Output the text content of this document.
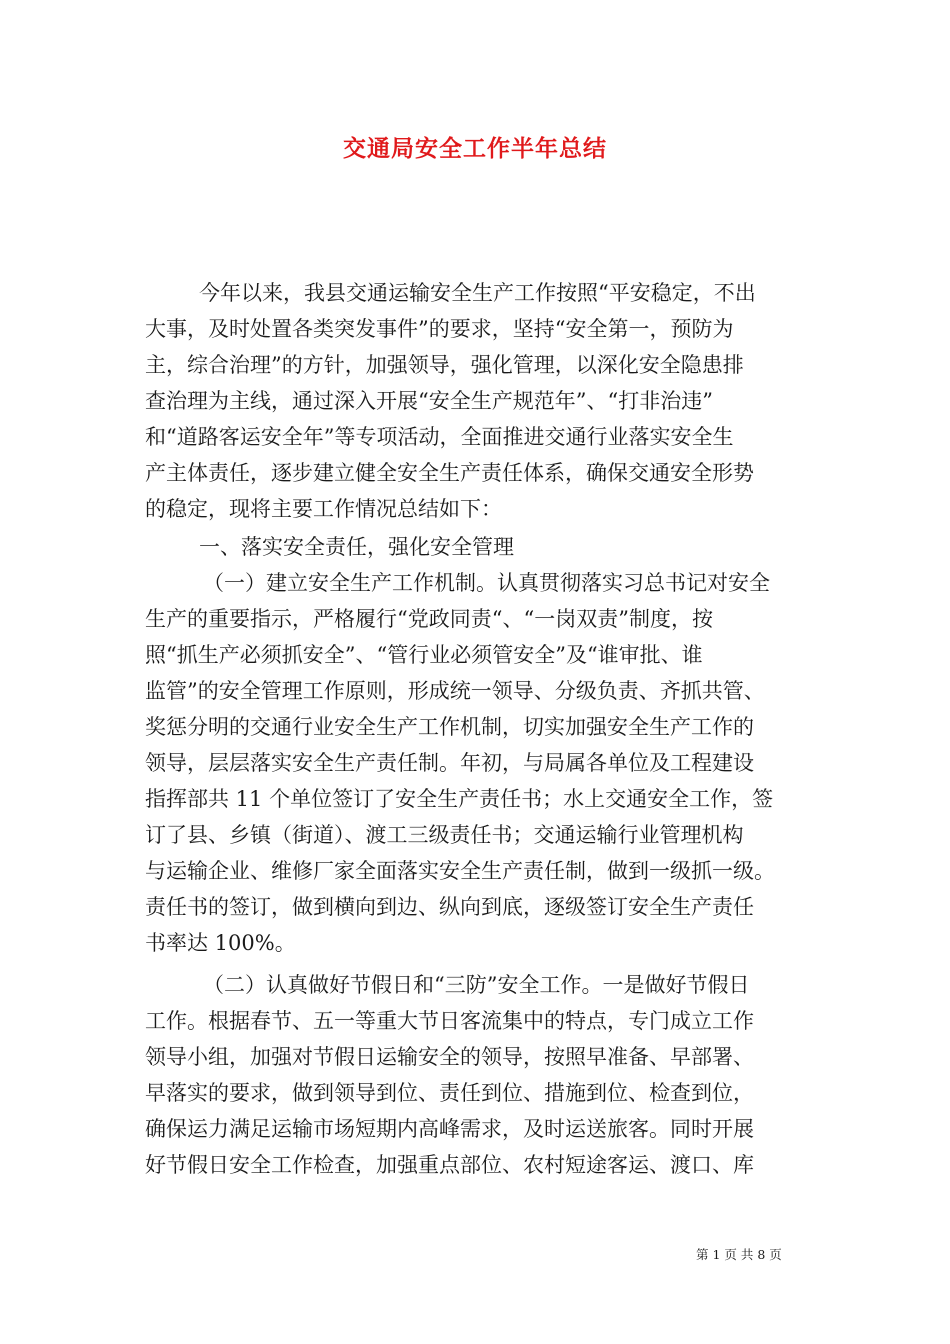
交通局安全工作半年总结

今年以来，我县交通运输安全生产工作按照“平安稳定，不出

大事，及时处置各类突发事件”的要求，坚持“安全第一，预防为

主，综合治理”的方针，加强领导，强化管理，以深化安全隐患排

查治理为主线，通过深入开展“安全生产规范年”、“打非治违”

和“道路客运安全年”等专项活动，全面推进交通行业落实安全生

产主体责任，逐步建立健全安全生产责任体系，确保交通安全形势

的稳定，现将主要工作情况总结如下：

一、落实安全责任，强化安全管理

（一）建立安全生产工作机制。认真贯彻落实习总书记对安全

生产的重要指示，严格履行“党政同责“、“一岗双责”制度，按

照“抓生产必须抓安全”、“管行业必须管安全”及“谁审批、谁

监管”的安全管理工作原则，形成统一领导、分级负责、齐抓共管、

奖惩分明的交通行业安全生产工作机制，切实加强安全生产工作的

领导，层层落实安全生产责任制。年初，与局属各单位及工程建设

指挥部共 11 个单位签订了安全生产责任书；水上交通安全工作，签

订了县、乡镇（街道）、渡工三级责任书；交通运输行业管理机构

与运输企业、维修厂家全面落实安全生产责任制，做到一级抓一级。

责任书的签订，做到横向到边、纵向到底，逐级签订安全生产责任

书率达 100%。

（二）认真做好节假日和“三防”安全工作。一是做好节假日

工作。根据春节、五一等重大节日客流集中的特点，专门成立工作

领导小组，加强对节假日运输安全的领导，按照早准备、早部署、

早落实的要求，做到领导到位、责任到位、措施到位、检查到位，

确保运力满足运输市场短期内高峰需求，及时运送旅客。同时开展

好节假日安全工作检查，加强重点部位、农村短途客运、渡口、库

第 1 页 共 8 页
